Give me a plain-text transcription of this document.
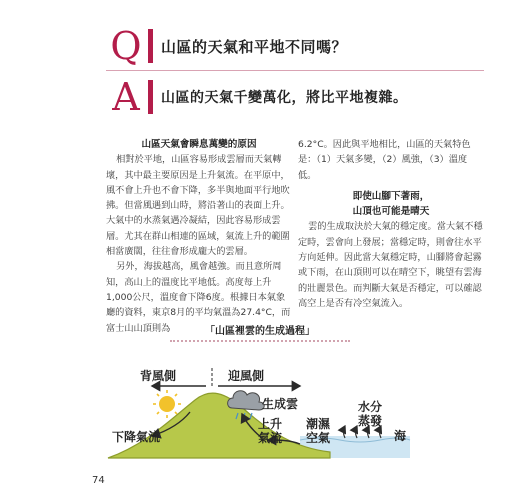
Q 山區的天氣和平地不同嗎？
A	山區的天氣千變萬化，將比平地複雜。
山區天氣會瞬息萬變的原因

相對於平地，山區容易形成雲層而天氣轉壞，其中最主要原因是上升氣流。在平原中，風不會上升也不會下降，多半與地面平行地吹拂。但當風遇到山時，將沿著山的表面上升。大氣中的水蒸氣遇冷凝結，因此容易形成雲層。尤其在群山相連的區域，氣流上升的範圍相當廣闊，往往會形成龐大的雲層。

另外，海拔越高，風會越強。而且意所周知，高山上的溫度比平地低。高度每上升1,000公尺，溫度會下降6度。根據日本氣象廳的資料，東京8月的平均氣溫為27.4°C，而富士山山頂則為

6.2°C。因此與平地相比，山區的天氣特色是：（1）天氣多變，（2）風強，（3）溫度低。

即使山腳下著雨，
山頂也可能是晴天

雲的生成取決於大氣的穩定度。當大氣不穩定時，雲會向上發展；當穩定時，則會往水平方向延伸。因此當大氣穩定時，山腳將會起霧或下雨，在山頂則可以在晴空下，眺望有雲海的壯麗景色。而判斷大氣是否穩定，可以確認高空上是否有冷空氣流入。

「山區裡雲的生成過程」
背風側	迎風側
下降氣流
生成雲
上升氣流
潮濕空氣
水分蒸發
海
74
